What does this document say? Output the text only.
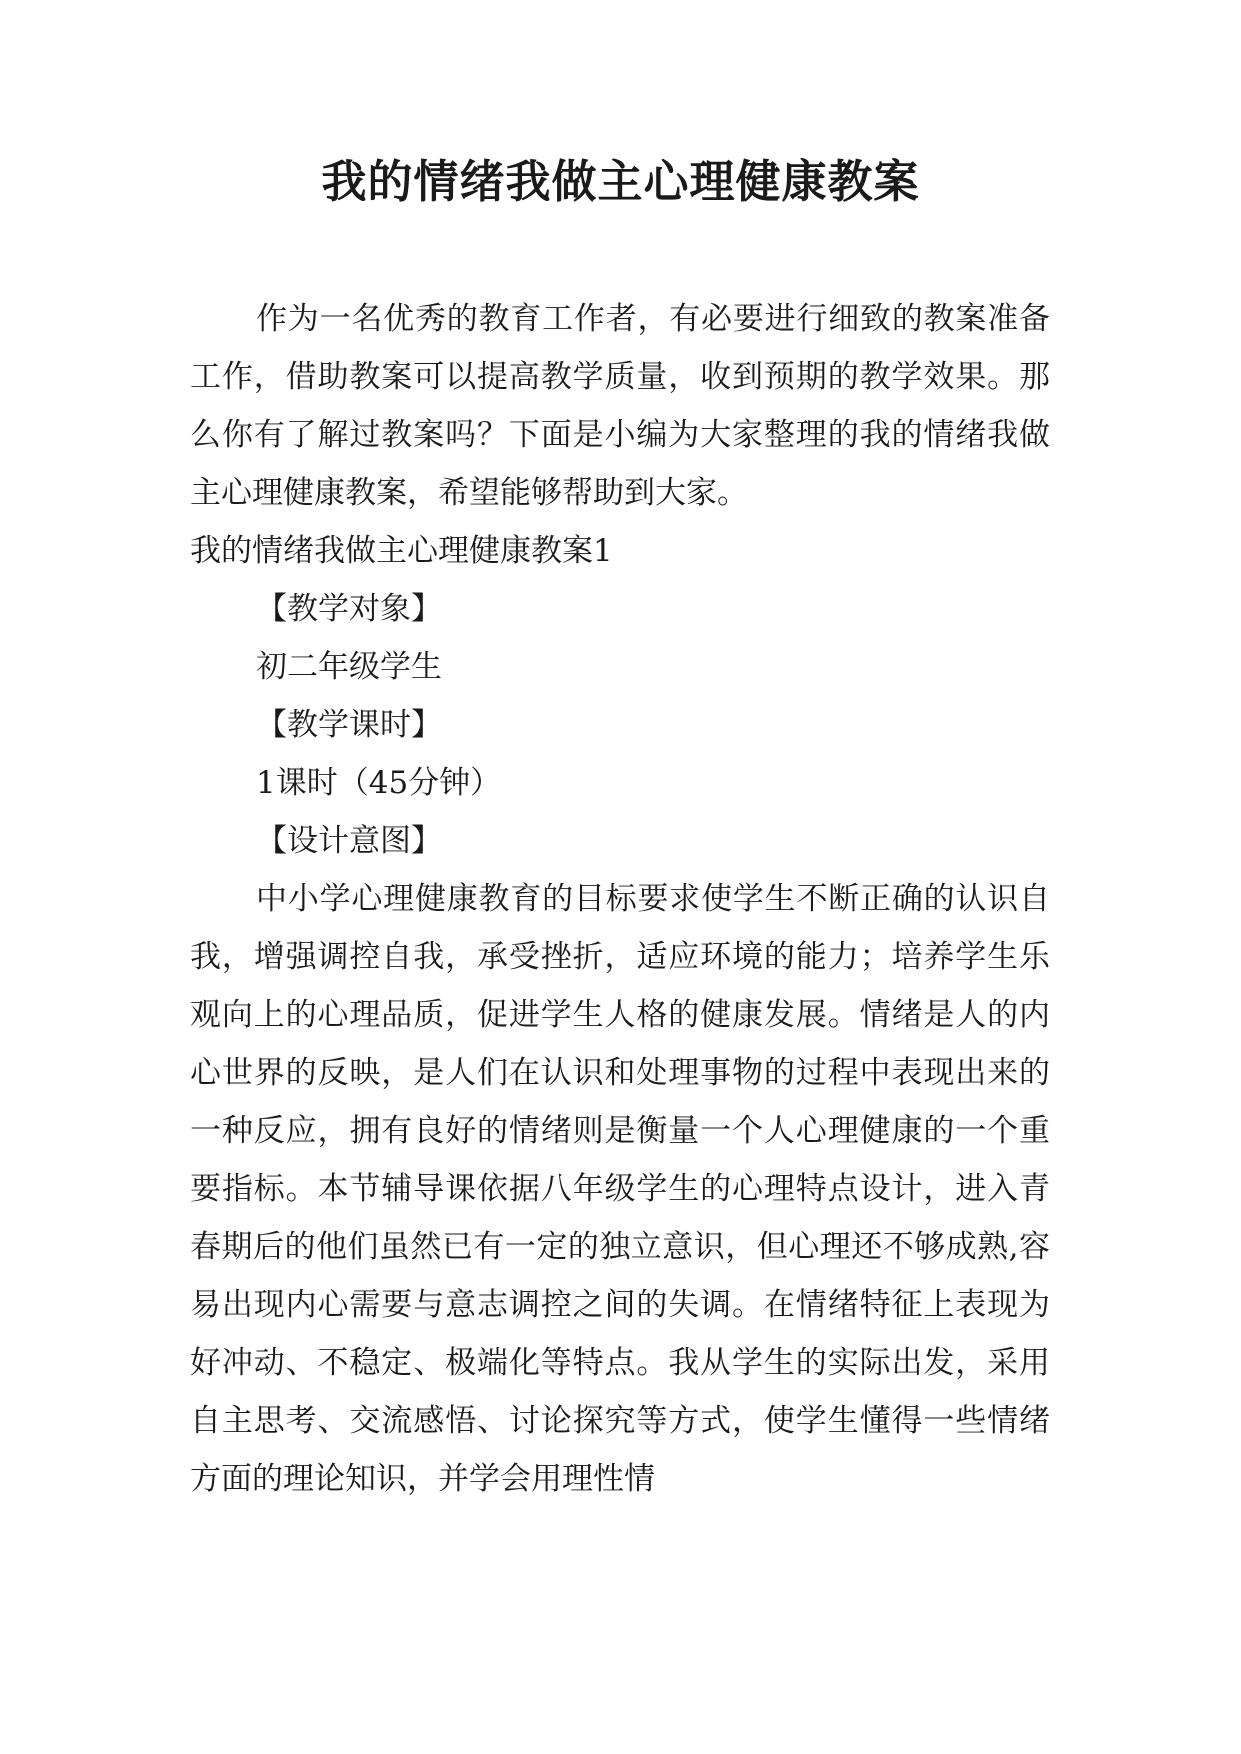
我的情绪我做主心理健康教案

作为一名优秀的教育工作者，有必要进行细致的教案准备工作，借助教案可以提高教学质量，收到预期的教学效果。那么你有了解过教案吗？下面是小编为大家整理的我的情绪我做主心理健康教案，希望能够帮助到大家。

我的情绪我做主心理健康教案1

【教学对象】

初二年级学生

【教学课时】

1课时（45分钟）

【设计意图】

中小学心理健康教育的目标要求使学生不断正确的认识自我，增强调控自我，承受挫折，适应环境的能力；培养学生乐观向上的心理品质，促进学生人格的健康发展。情绪是人的内心世界的反映，是人们在认识和处理事物的过程中表现出来的一种反应，拥有良好的情绪则是衡量一个人心理健康的一个重要指标。本节辅导课依据八年级学生的心理特点设计，进入青春期后的他们虽然已有一定的独立意识，但心理还不够成熟,容易出现内心需要与意志调控之间的失调。在情绪特征上表现为好冲动、不稳定、极端化等特点。我从学生的实际出发，采用自主思考、交流感悟、讨论探究等方式，使学生懂得一些情绪方面的理论知识，并学会用理性情
